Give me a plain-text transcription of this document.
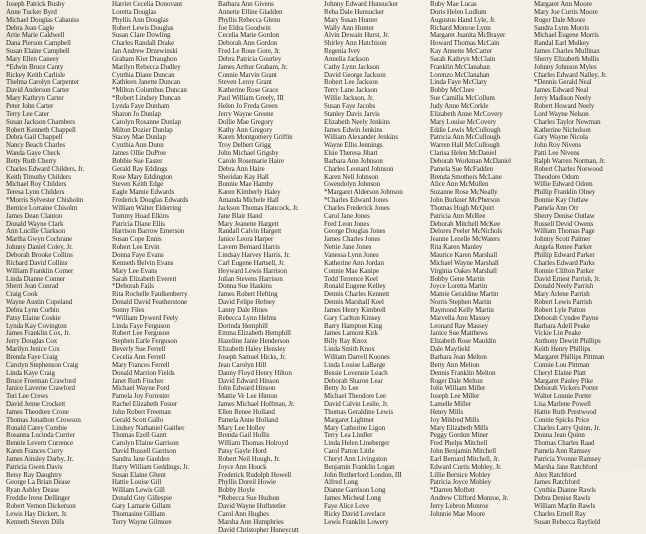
Joseph Patrick Busby
Anne Tucker Byrd
Michael Douglas Cabaniss
Debra Jean Cagle
Artie Marie Caldwell
Dana Pierson Campbell
Susan Elaine Campbell
Mary Ellen Caneey
*Edwin Bruce Canty
Rickey Keith Carlisle
Thelma Carolyn Carpenter
David Anderson Carter
Mary Kathryn Carter
Peter John Carter
Terry Lee Cater
Susan Jackson Chambers
Robert Kenneth Chappell
Debra Gail Chappell
Nancy Beach Charles
Wanda Gaye Check
Betty Ruth Cherry
Charles Edward Childers, Jr.
Keith Timothy Childers
Michael Roy Childers
Teresa Lynn Childers
*Morris Sylvester Chisholm
Bernice Lorraine Chisolm
James Dean Clanton
Donald Wayne Clark
Ann Lucille Clarkson
Martha Gwyn Cochrane
Johnny Daniel Coley, Jr.
Deborah Brooke Collins
Richard David Collins
William Franklin Comer
Linda Dianne Conner
Sherri Jean Conrad
Craig Cook
Wayne Austin Copeland
Debra Lynn Corbin
Patsy Elaine Coskie
Lynda Kay Covington
James Franklin Cox, Jr.
Jerry Douglas Cox
Marilyn Jenice Cox
Brenda Faye Craig
Carolyn Stephenson Craig
Linda Kaye Craig
Bruce Freeman Crawford
Janice Laverne Crawford
Teri Lee Crews
David Jenne Crockett
James Theodore Crone
Thomas Jonathon Crowson
Ronald Carey Cumbie
Rosanna Lucinda Currier
Bennie Levern Currence
Karen Frances Curry
James Ainsley Darby, Jr.
Patricia Gwen Davis
Betsy Ray Daughtry
George La Brian Dease
Ryan Ashley Dease
Freddie Irene Dellinger
Robert Vernon Dickerson
Lewis Hay Dickert, Jr.
Kenneth Steven Dills
Harriet Cecelia Donovant
Loretta Douglas
Phyllis Ann Douglas
Robert Lewis Douglas
Susan Clare Dowling
Charles Randall Drake
Jan Andrew Drzewinski
Graham Kier Draughon
Marilyn Rebecca Dudley
Cynthia Diane Duncan
Kathleen Janette Duncan
*Milton Columbus Duncan
*Robert Lindsey Duncan
Lynda Faye Dunham
Sharon Jo Dunlap
Carolyn Rosanne Dunlap
Milton Dozier Dunlap
Stacey Mae Dunlap
Cynthia Ann Dunn
James Ollie DuPree
Bobbie Sue Easter
Gerald Ray Eddings
Rose Mary Eddington
Steven Keith Edge
Eagle Mamie Edwards
Frederick Douglas Edwards
William Walter Elderring
Tommy Hoad Elkins
Patricia Diane Ellis
Harrison Barrow Emerson
Susan Cope Ennis
Robert Lee Ervin
Donna Faye Evans
Kenneth Belvin Evans
Mary Lee Evans
Sarah Elizabeth Everett
*Deborah Fails
Rita Rochelle Faulkenberry
Donald David Featherstone
Sonny Files
*William Dywerd Feely
Linda Faye Ferguson
Robert Lee Ferguson
Stephen Earle Ferguson
Beverly Sue Ferrell
Cecelia Ann Ferrell
Mary Frances Ferrell
Donald Marrion Fields
Janet Ruth Fincher
Michael Wayne Ford
Pamela Joy Forrester
Rachel Elizabeth Foster
John Robert Freeman
Gerald Scott Gallo
Lindsey Nathaniel Gaither
Thomas Ezell Gantt
Carolyn Elaine Garrison
David Russell Garrison
Sandra Jane Gaulden
Harry William Geddings, Jr.
Susan Elaine Ghent
Hattie Louise Gill
William Lewis Gill
Donald Guy Gillespie
Gary Lamarie Gillam
Thomasine Gilliam
Terry Wayne Gilmore
Barbara Ann Givens
Annette Elline Gladden
Phyllis Rebecca Glenn
Joe Eldra Goodwin
Cecelia Marie Gordon
Deborah Ann Gordon
Fred Le Roue Gore, Jr.
Debra Patricia Gourley
James Arthur Graham, Jr.
Connie Marvin Grant
Steven Leroy Grant
Katherine Rose Grace
Paul William Greely, III
Helen Jo Freda Green
Jerry Wayne Greene
Dollie Mae Gregory
Kathy Ann Gregory
Karen Montgomery Griffin
Troy Delbert Grigg
John Michael Grigsby
Carole Rosemarie Haire
Debra Ann Haire
Sheridan Kay Hall
Bonnie Mae Hamby
Karen Kimberly Haley
Amanda Michele Hall
Jackson Thomas Hancock, Jr.
Jane Blair Hand
Mary Jeanette Hargett
Randall Calvin Hargett
Janice Leora Harper
Lavern Bernard Harris
Lindsay Harvey Harris, Jr.
Carl Eugene Hartsell, Jr.
Heyward Lewis Harrison
Julian Stevens Harrison
Donna Sue Haskins
James Robert Hefting
David Felipe Hefney
Lanny Dale Hines
Rebecca Lynn Helms
Dorinda Hemphill
Emma Elizabeth Hemphill
Hazeline Janie Henderson
Elizabeth Haley Hensley
Joseph Samuel Hicks, Jr.
Jean Carolyn Hill
Danny Floyd Henry Hilton
David Edward Hinson
John Edward Hinson
Mattie Ve Lee Hinton
James Michael Hoffman, Jr.
Ellen Renee Holland
Pamela Anne Holland
Mary Lee Holley
Brenda Gail Hollis
William Thomas Holroyd
Patsy Gayle Hord
Robert Neil Hough, Jr.
Joyce Ann Houck
Frederick Rudolph Howell
Phyllis Doreil Howie
Bobby Hoyle
*Rebecca Sue Hudson
David Wayne Huffstetler
Carol Ann Hughes
Marsha Ann Humphries
David Christopher Huneycutt
Johnny Edward Hunsucker
Reba Dale Hunsucker
Mary Susan Hunter
Wally Ann Hunter
Alvin Dewain Hurst, Jr.
Shirley Ann Hutchison
Regenia Ivey
Annelia Jackson
Cathy Lynn Jackson
David George Jackson
Robert Lee Jackson
Terry Lane Jackson
Willie Jackson, Jr.
Susan Faye Jacobs
Stanley Davis Jarvis
Elizabeth Neely Jenkins
James Edwin Jenkins
William Alexander Jenkins
Wayne Ellis Jennings
Elsie Theresa Jibart
Barbara Ann Johnson
Charles Leonard Johnson
Karen Nell Johnson
Gwendolyn Johnson
*Margaret Alderson Johnson
*Charles Edward Jones
Charles Frederick Jones
Carol Jane Jones
Fred Leon Jones
George Douglas Jones
James Charles Jones
Nettie Jane Jones
Vanessa Lynn Jones
Katherine Ann Jordan
Connie Mae Kanipe
Todd Terrence Keel
Ronald Eugene Kelley
Dennis Charles Kennett
Dennis Marshall Keel
James Henry Kimbrell
Gary Carlton Kinsey
Barry Hampton King
James Lamont Kirk
Billy Ray Knox
Linda Smith Knox
William Darrell Koones
Linda Louise LaBarge
Bessie Lovennie Leach
Deborah Sharon Lear
Betty Jo Lee
Michael Theodore Lee
David Calvin Leslie, Jr.
Thomas Geraldine Lewis
Margaret Lightner
Mary Catherine Ligon
Terry Lea Lindler
Linda Helen Lineberger
Carol Patton Little
Cheryl Ann Livingston
Benjamin Franklin Logan
John Rutherford London, III
Alfred Long
Dianne Garrison Long
James Micheal Long
Faye Alice Love
Ricky David Lovelace
Lewis Franklin Lowery
Ruby Mae Lucas
Doris Helen Ludlum
Augustus Hand Lyle, Jr.
Richard Monroe Lynn
Margaret Juanita McBrayer
Howard Thomas McCain
Kay Annette McCarter
Sarah Kathryn McClain
Franklin McClanahan
Lorenzo McClanahan
Linda Faye McClary
Bobby McClure
Sue Camilla McCollum
Judy Anne McCorkle
Elizabeth Anne McCovery
Mary Louise McCovery
Eddie Lewis McCullough
Patricia Ann McCullough
Warren Hall McCullough
Clarisa Helen McDaniel
Deborah Workman McDaniel
Pamela Sue McFadden
Brenda Smothers McLane
Alice Ann McMullen
Suzanne Rose McNeally
John Burkner McPherson
Thomas Hugh McQuirt
Patricia Ann McRee
Deborah Mitchell McKee
Delores Peeler McNichols
Jeanne Lezelle McWaters
Rita Karen Manley
Maurice Karen Marshall
Michael Wayne Marshall
Virginia Oakes Marshall
Bobby Gene Martin
Joyce Loretta Martin
Mamie Geraldine Martin
Norris Stephen Martin
Raymond Kelly Martin
Marvella Ann Massey
Leonard Ray Massey
Janice Sue Matthews
Elizabeth Rose Mauldin
Dale Mayfield
Barbara Jean Melton
Betty Ann Melton
Dennis Franklin Melton
Roger Dale Melton
John William Miller
Joseph Lee Miller
Lamelle Miller
Henry Mills
Joy Mildred Mills
Mary Elizabeth Mills
Peggy Gordon Miner
Fred Phelps Mitchell
John Benjamin Mitchell
Earl Bernard Mitchell, Jr.
Edward Curtis Mobley, Jr.
Lillie Bernice Mobley
Patricia Joyce Mobley
*Darren Moffett
Andrew Clifford Monroe, Jr.
Jerry Lebron Monroe
Johnnie Mae Moore
Margaret Ann Moore
Mary Joe Curtis Moore
Roger Dale Moore
Sandra Lynn Morris
Michael Eugene Morris
Randal Earl Mulkey
James Charles Mullinax
Sherry Elizabeth Mullis
Johnny Johnson Myles
Charles Edward Nalley, Jr.
*Dennis Gerald Neal
James Edward Neal
Jerry Madison Neely
Robert Howard Neely
Lord Wayne Nelson
Charles Taylor Newman
Katherine Nicholson
Gary Wayne Nicola
John Roy Nivens
Patti Lee Nivens
Ralph Warren Norman, Jr.
Robert Charles Norwood
Theodore Odom
Willie Edward Odom
Phillip Franklin Olney
Bonnie Kay Outlaw
Pamela Ann Orr
Sherry Denise Outlaw
Russell Devid Owens
William Thomas Page
Johnny Scott Palmer
Angela Renee Parker
Phillip Edward Parker
Charles Edward Parks
Ronnie Clifton Parker
David Ernest Parrish, Jr.
Donald Neely Parrish
Mary Arlene Parrish
Robert Lewis Parrish
Robert Lyle Patton
Deborah Cyndee Payne
Barbara Adell Peake
Vickie Lin Peake
Anthony Dewitt Phillips
Keith Henry Phillips
Margaret Phillips Pittman
Connie Lou Pittman
Cheryl Elaine Platt
Margaret Pauley Pike
Deborah Vickers Porter
Walter Lonnie Porter
Lisa Marlene Powell
Hattie Ruth Prestwood
Connie Spicks Price
Charles Larry Quinn, Jr.
Donna Jean Quinn
Thomas Charles Raad
Pamela Ann Ramsey
Patricia Yvonne Ramsey
Marsha Jane Ratchford
Alex Ratchford
James Ratchford
Cynthia Dianne Rawls
Debra Denise Rawls
William Marlin Rawls
Charles Ernell Ray
Susan Rebecca Rayfield
